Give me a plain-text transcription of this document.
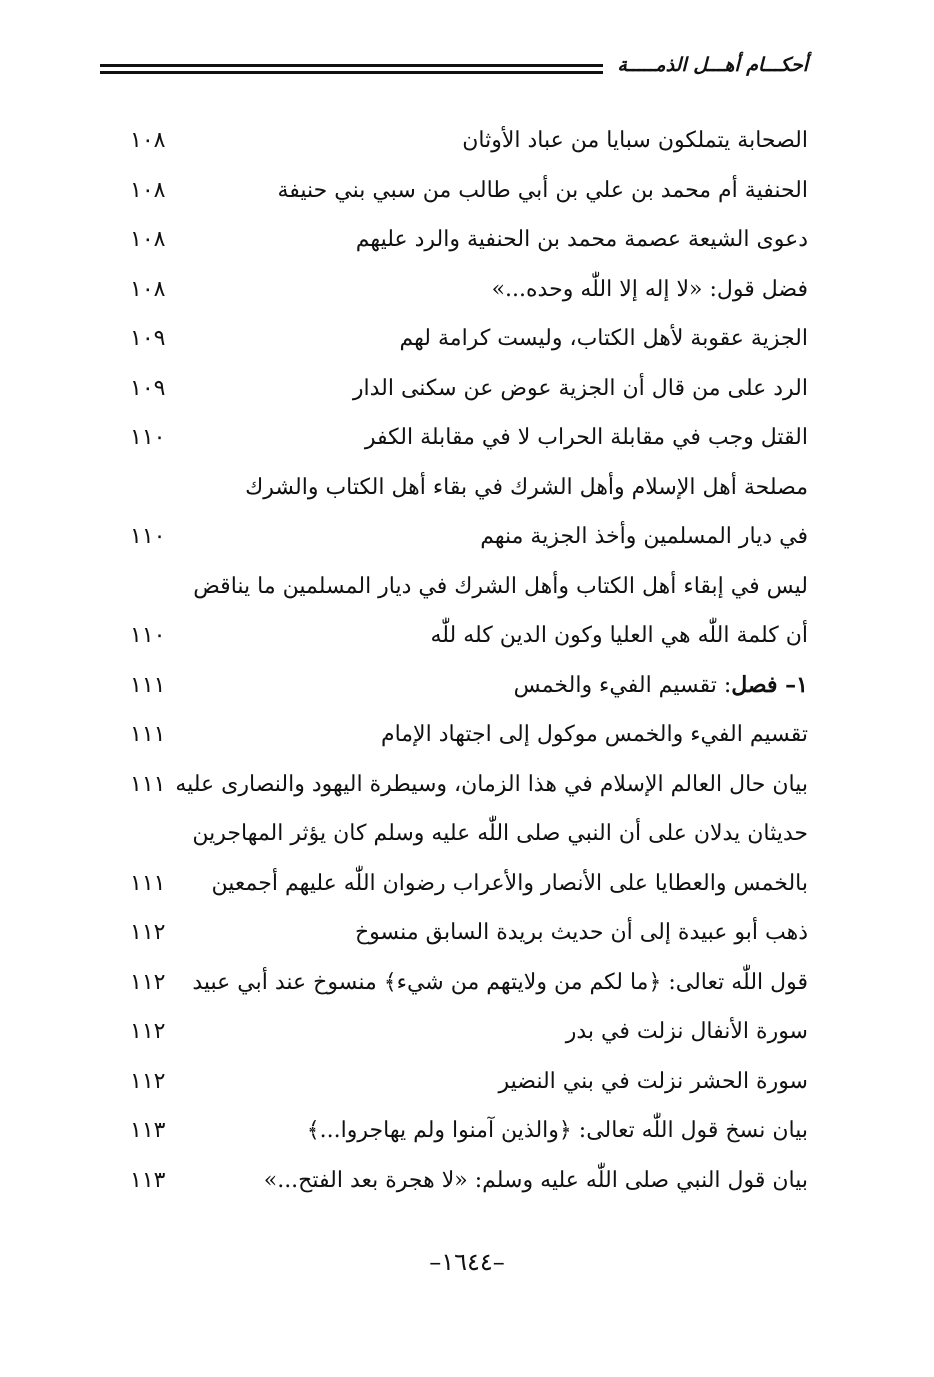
أحكـــام أهـــل الذمـــــة
الصحابة يتملكون سبايا من عباد الأوثان
١٠٨
الحنفية أم محمد بن علي بن أبي طالب من سبي بني حنيفة
١٠٨
دعوى الشيعة عصمة محمد بن الحنفية والرد عليهم
١٠٨
فضل قول: «لا إله إلا اللّٰه وحده...»
١٠٨
الجزية عقوبة لأهل الكتاب، وليست كرامة لهم
١٠٩
الرد على من قال أن الجزية عوض عن سكنى الدار
١٠٩
القتل وجب في مقابلة الحراب لا في مقابلة الكفر
١١٠
مصلحة أهل الإسلام وأهل الشرك في بقاء أهل الكتاب والشرك
في ديار المسلمين وأخذ الجزية منهم
١١٠
ليس في إبقاء أهل الكتاب وأهل الشرك في ديار المسلمين ما يناقض
أن كلمة اللّٰه هي العليا وكون الدين كله للّٰه
١١٠
١– فصل: تقسيم الفيء والخمس
١١١
تقسيم الفيء والخمس موكول إلى اجتهاد الإمام
١١١
بيان حال العالم الإسلام في هذا الزمان، وسيطرة اليهود والنصارى عليه
١١١
حديثان يدلان على أن النبي صلى اللّٰه عليه وسلم كان يؤثر المهاجرين
بالخمس والعطايا على الأنصار والأعراب رضوان اللّٰه عليهم أجمعين
١١١
ذهب أبو عبيدة إلى أن حديث بريدة السابق منسوخ
١١٢
قول اللّٰه تعالى: ﴿ما لكم من ولايتهم من شيء﴾ منسوخ عند أبي عبيد
١١٢
سورة الأنفال نزلت في بدر
١١٢
سورة الحشر نزلت في بني النضير
١١٢
بيان نسخ قول اللّٰه تعالى: ﴿والذين آمنوا ولم يهاجروا...﴾
١١٣
بيان قول النبي صلى اللّٰه عليه وسلم: «لا هجرة بعد الفتح...»
١١٣
–١٦٤٤–
